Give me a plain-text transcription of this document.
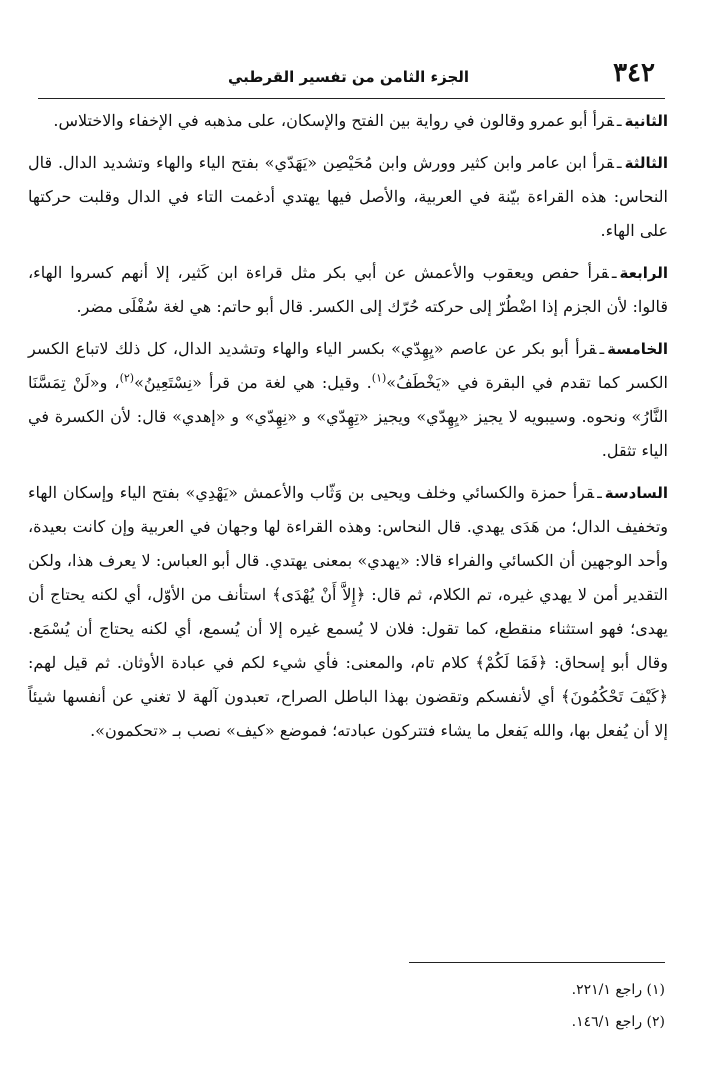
٣٤٢
الجزء الثامن من تفسير القرطبي

الثانيةـقرأ أبو عمرو وقالون في رواية بين الفتح والإسكان، على مذهبه في الإخفاء والاختلاس.

الثالثةـقرأ ابن عامر وابن كثير وورش وابن مُحَيْصِن «يَهَدّي» بفتح الياء والهاء وتشديد الدال. قال النحاس: هذه القراءة بيّنة في العربية، والأصل فيها يهتدي أدغمت التاء في الدال وقلبت حركتها على الهاء.

الرابعةـقرأ حفص ويعقوب والأعمش عن أبي بكر مثل قراءة ابن كَثير، إلا أنهم كسروا الهاء، قالوا: لأن الجزم إذا اضْطُرّ إلى حركته حُرّك إلى الكسر. قال أبو حاتم: هي لغة سُفْلَى مضر.

الخامسةـقرأ أبو بكر عن عاصم «يِهِدّي» بكسر الياء والهاء وتشديد الدال، كل ذلك لاتباع الكسر الكسر كما تقدم في البقرة في «يَخْطَفُ»$^{(١)}$. وقيل: هي لغة من قرأ «نِسْتَعِينُ»$^{(٢)}$، و«لَنْ تِمَسَّنَا النَّارُ» ونحوه. وسيبويه لا يجيز «يِهِدّي» ويجيز «تِهِدّي» و «نِهِدّي» و «إهدي» قال: لأن الكسرة في الياء تثقل.

السادسةـقرأ حمزة والكسائي وخلف ويحيى بن وَثّاب والأعمش «يَهْدِي» بفتح الياء وإسكان الهاء وتخفيف الدال؛ من هَدَى يهدي. قال النحاس: وهذه القراءة لها وجهان في العربية وإن كانت بعيدة، وأحد الوجهين أن الكسائي والفراء قالا: «يهدي» بمعنى يهتدي. قال أبو العباس: لا يعرف هذا، ولكن التقدير أمن لا يهدي غيره، تم الكلام، ثم قال: ﴿إِلاَّ أَنْ يُهْدَى﴾ استأنف من الأوّل، أي لكنه يحتاج أن يهدى؛ فهو استثناء منقطع، كما تقول: فلان لا يُسمع غيره إلا أن يُسمع، أي لكنه يحتاج أن يُسْمَع. وقال أبو إسحاق: ﴿فَمَا لَكُمْ﴾ كلام تام، والمعنى: فأي شيء لكم في عبادة الأوثان. ثم قيل لهم: ﴿كَيْفَ تَحْكُمُونَ﴾ أي لأنفسكم وتقضون بهذا الباطل الصراح، تعبدون آلهة لا تغني عن أنفسها شيئاً إلا أن يُفعل بها، والله يَفعل ما يشاء فتتركون عبادته؛ فموضع «كيف» نصب بـ «تحكمون».

(١) راجع ٢٢١/١.
(٢) راجع ١٤٦/١.
